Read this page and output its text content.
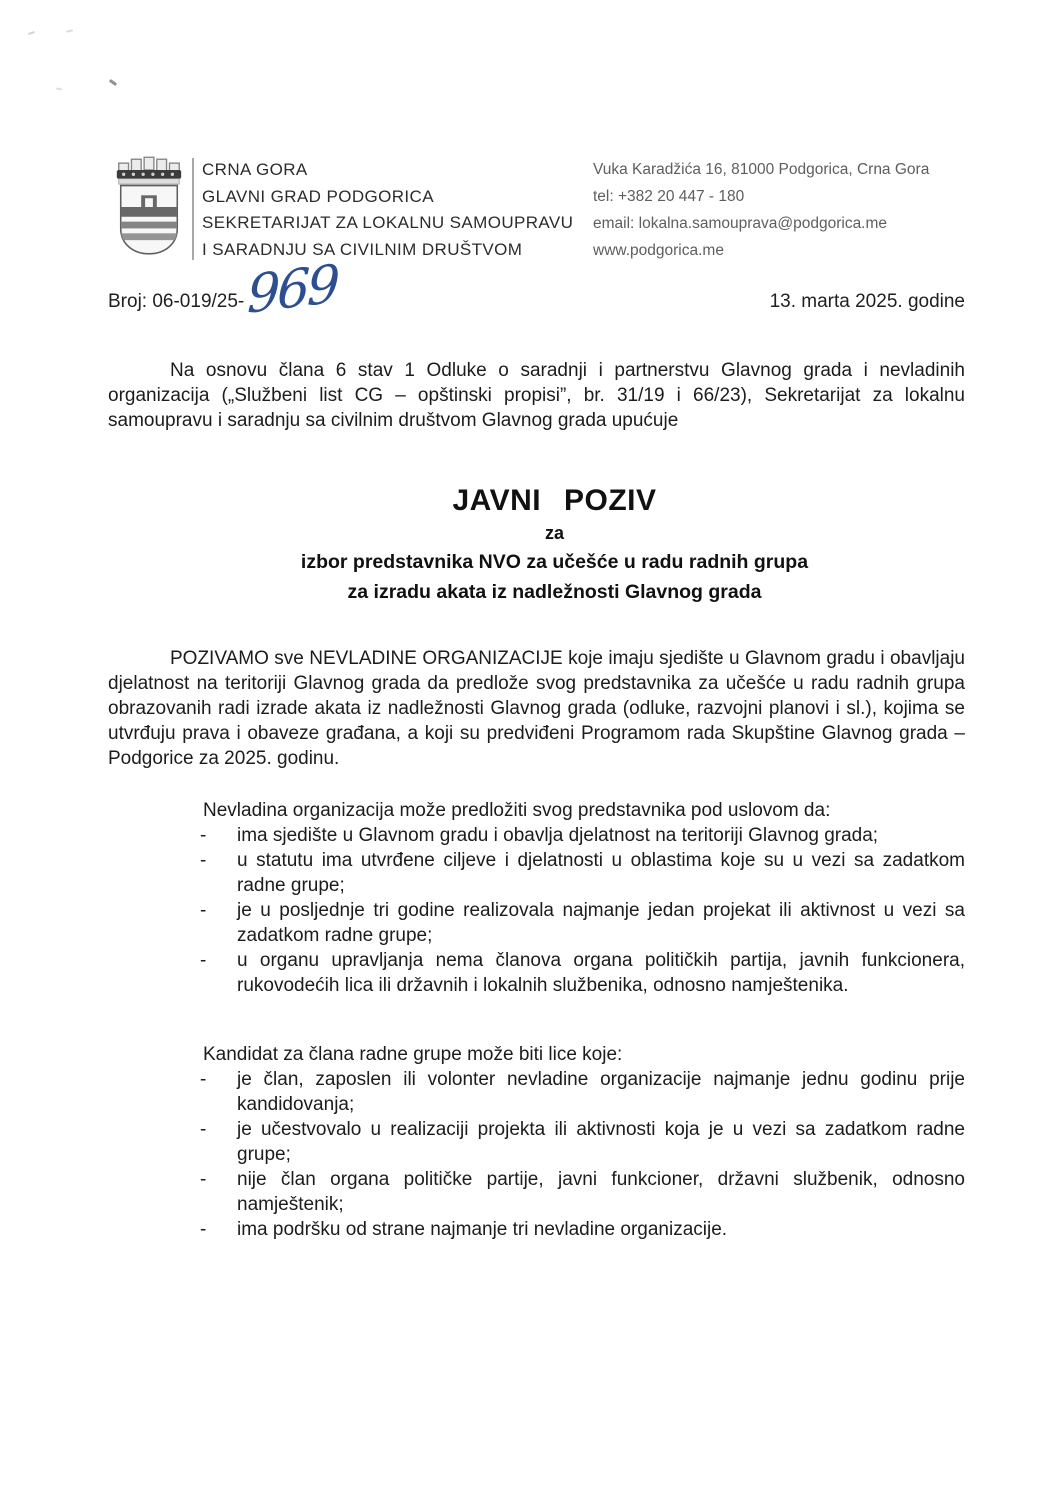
CRNA GORA
GLAVNI GRAD PODGORICA
SEKRETARIJAT ZA LOKALNU SAMOUPRAVU
I SARADNJU SA CIVILNIM DRUŠTVOM
Vuka Karadžića 16, 81000 Podgorica, Crna Gora
tel: +382 20 447 - 180
email: lokalna.samouprava@podgorica.me
www.podgorica.me
Broj: 06-019/25- 969	13. marta 2025. godine
Na osnovu člana 6 stav 1 Odluke o saradnji i partnerstvu Glavnog grada i nevladinih organizacija („Službeni list CG – opštinski propisi”, br. 31/19 i 66/23), Sekretarijat za lokalnu samoupravu i saradnju sa civilnim društvom Glavnog grada upućuje
JAVNI POZIV
za
izbor predstavnika NVO za učešće u radu radnih grupa
za izradu akata iz nadležnosti Glavnog grada
POZIVAMO sve NEVLADINE ORGANIZACIJE koje imaju sjedište u Glavnom gradu i obavljaju djelatnost na teritoriji Glavnog grada da predlože svog predstavnika za učešće u radu radnih grupa obrazovanih radi izrade akata iz nadležnosti Glavnog grada (odluke, razvojni planovi i sl.), kojima se utvrđuju prava i obaveze građana, a koji su predviđeni Programom rada Skupštine Glavnog grada – Podgorice za 2025. godinu.
Nevladina organizacija može predložiti svog predstavnika pod uslovom da:
-	ima sjedište u Glavnom gradu i obavlja djelatnost na teritoriji Glavnog grada;
-	u statutu ima utvrđene ciljeve i djelatnosti u oblastima koje su u vezi sa zadatkom radne grupe;
-	je u posljednje tri godine realizovala najmanje jedan projekat ili aktivnost u vezi sa zadatkom radne grupe;
-	u organu upravljanja nema članova organa političkih partija, javnih funkcionera, rukovodećih lica ili državnih i lokalnih službenika, odnosno namještenika.
Kandidat za člana radne grupe može biti lice koje:
-	je član, zaposlen ili volonter nevladine organizacije najmanje jednu godinu prije kandidovanja;
-	je učestvovalo u realizaciji projekta ili aktivnosti koja je u vezi sa zadatkom radne grupe;
-	nije član organa političke partije, javni funkcioner, državni službenik, odnosno namještenik;
-	ima podršku od strane najmanje tri nevladine organizacije.
